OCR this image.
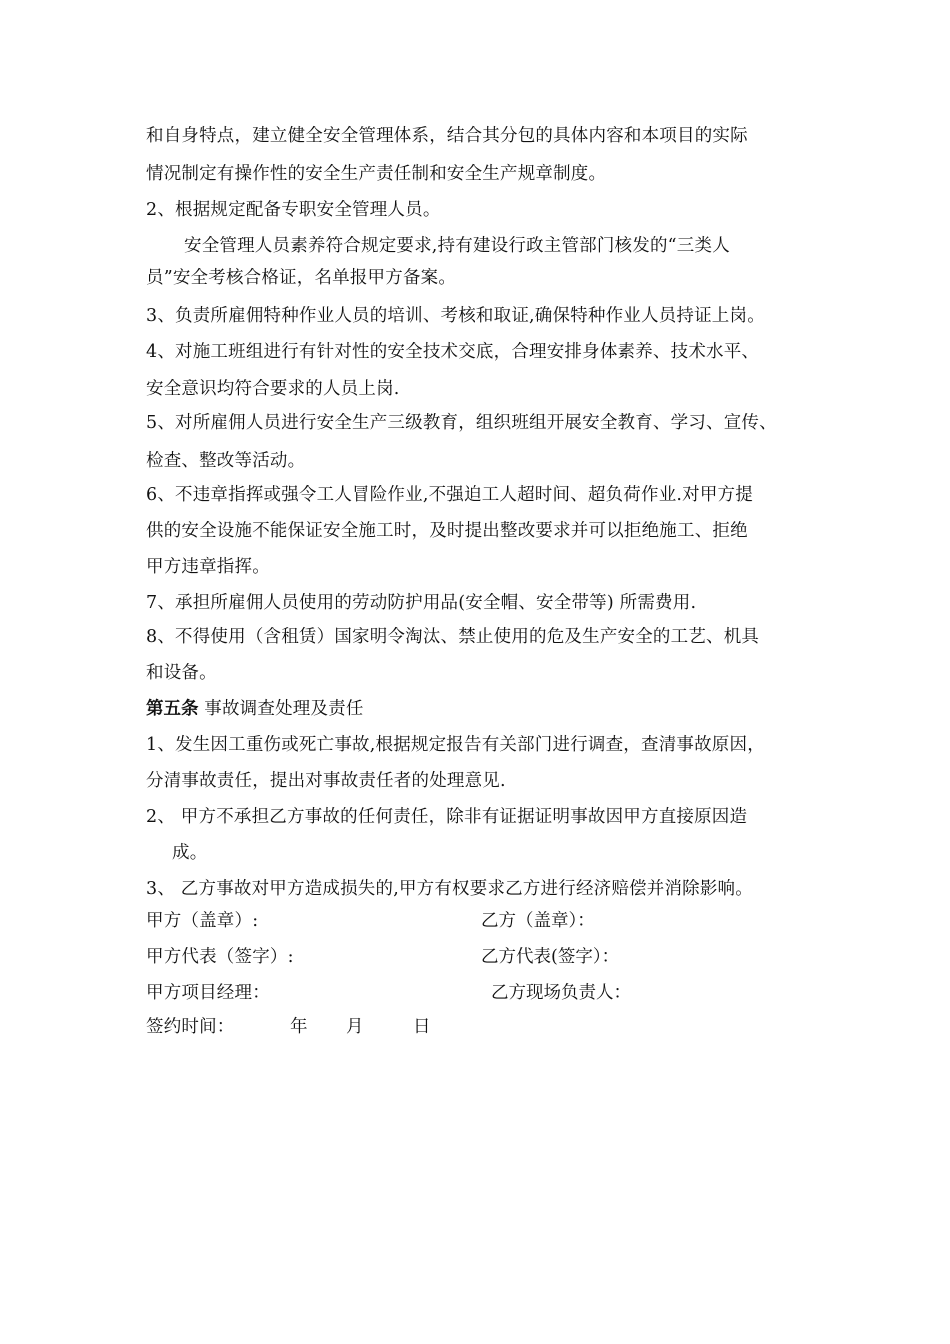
和自身特点，建立健全安全管理体系，结合其分包的具体内容和本项目的实际
情况制定有操作性的安全生产责任制和安全生产规章制度。
2、根据规定配备专职安全管理人员。
安全管理人员素养符合规定要求,持有建设行政主管部门核发的“三类人
员”安全考核合格证，名单报甲方备案。
3、负责所雇佣特种作业人员的培训、考核和取证,确保特种作业人员持证上岗。
4、对施工班组进行有针对性的安全技术交底，合理安排身体素养、技术水平、
安全意识均符合要求的人员上岗.
5、对所雇佣人员进行安全生产三级教育，组织班组开展安全教育、学习、宣传、
检查、整改等活动。
6、不违章指挥或强令工人冒险作业,不强迫工人超时间、超负荷作业.对甲方提
供的安全设施不能保证安全施工时，及时提出整改要求并可以拒绝施工、拒绝
甲方违章指挥。
7、承担所雇佣人员使用的劳动防护用品(安全帽、安全带等) 所需费用.
8、不得使用（含租赁）国家明令淘汰、禁止使用的危及生产安全的工艺、机具
和设备。
第五条 事故调查处理及责任
1、发生因工重伤或死亡事故,根据规定报告有关部门进行调查，查清事故原因，
分清事故责任，提出对事故责任者的处理意见.
2、 甲方不承担乙方事故的任何责任，除非有证据证明事故因甲方直接原因造
成。
3、 乙方事故对甲方造成损失的,甲方有权要求乙方进行经济赔偿并消除影响。
甲方（盖章）:	乙方（盖章）：
甲方代表（签字）:	乙方代表(签字）：
甲方项目经理：	乙方现场负责人：
签约时间：	年 月	日
